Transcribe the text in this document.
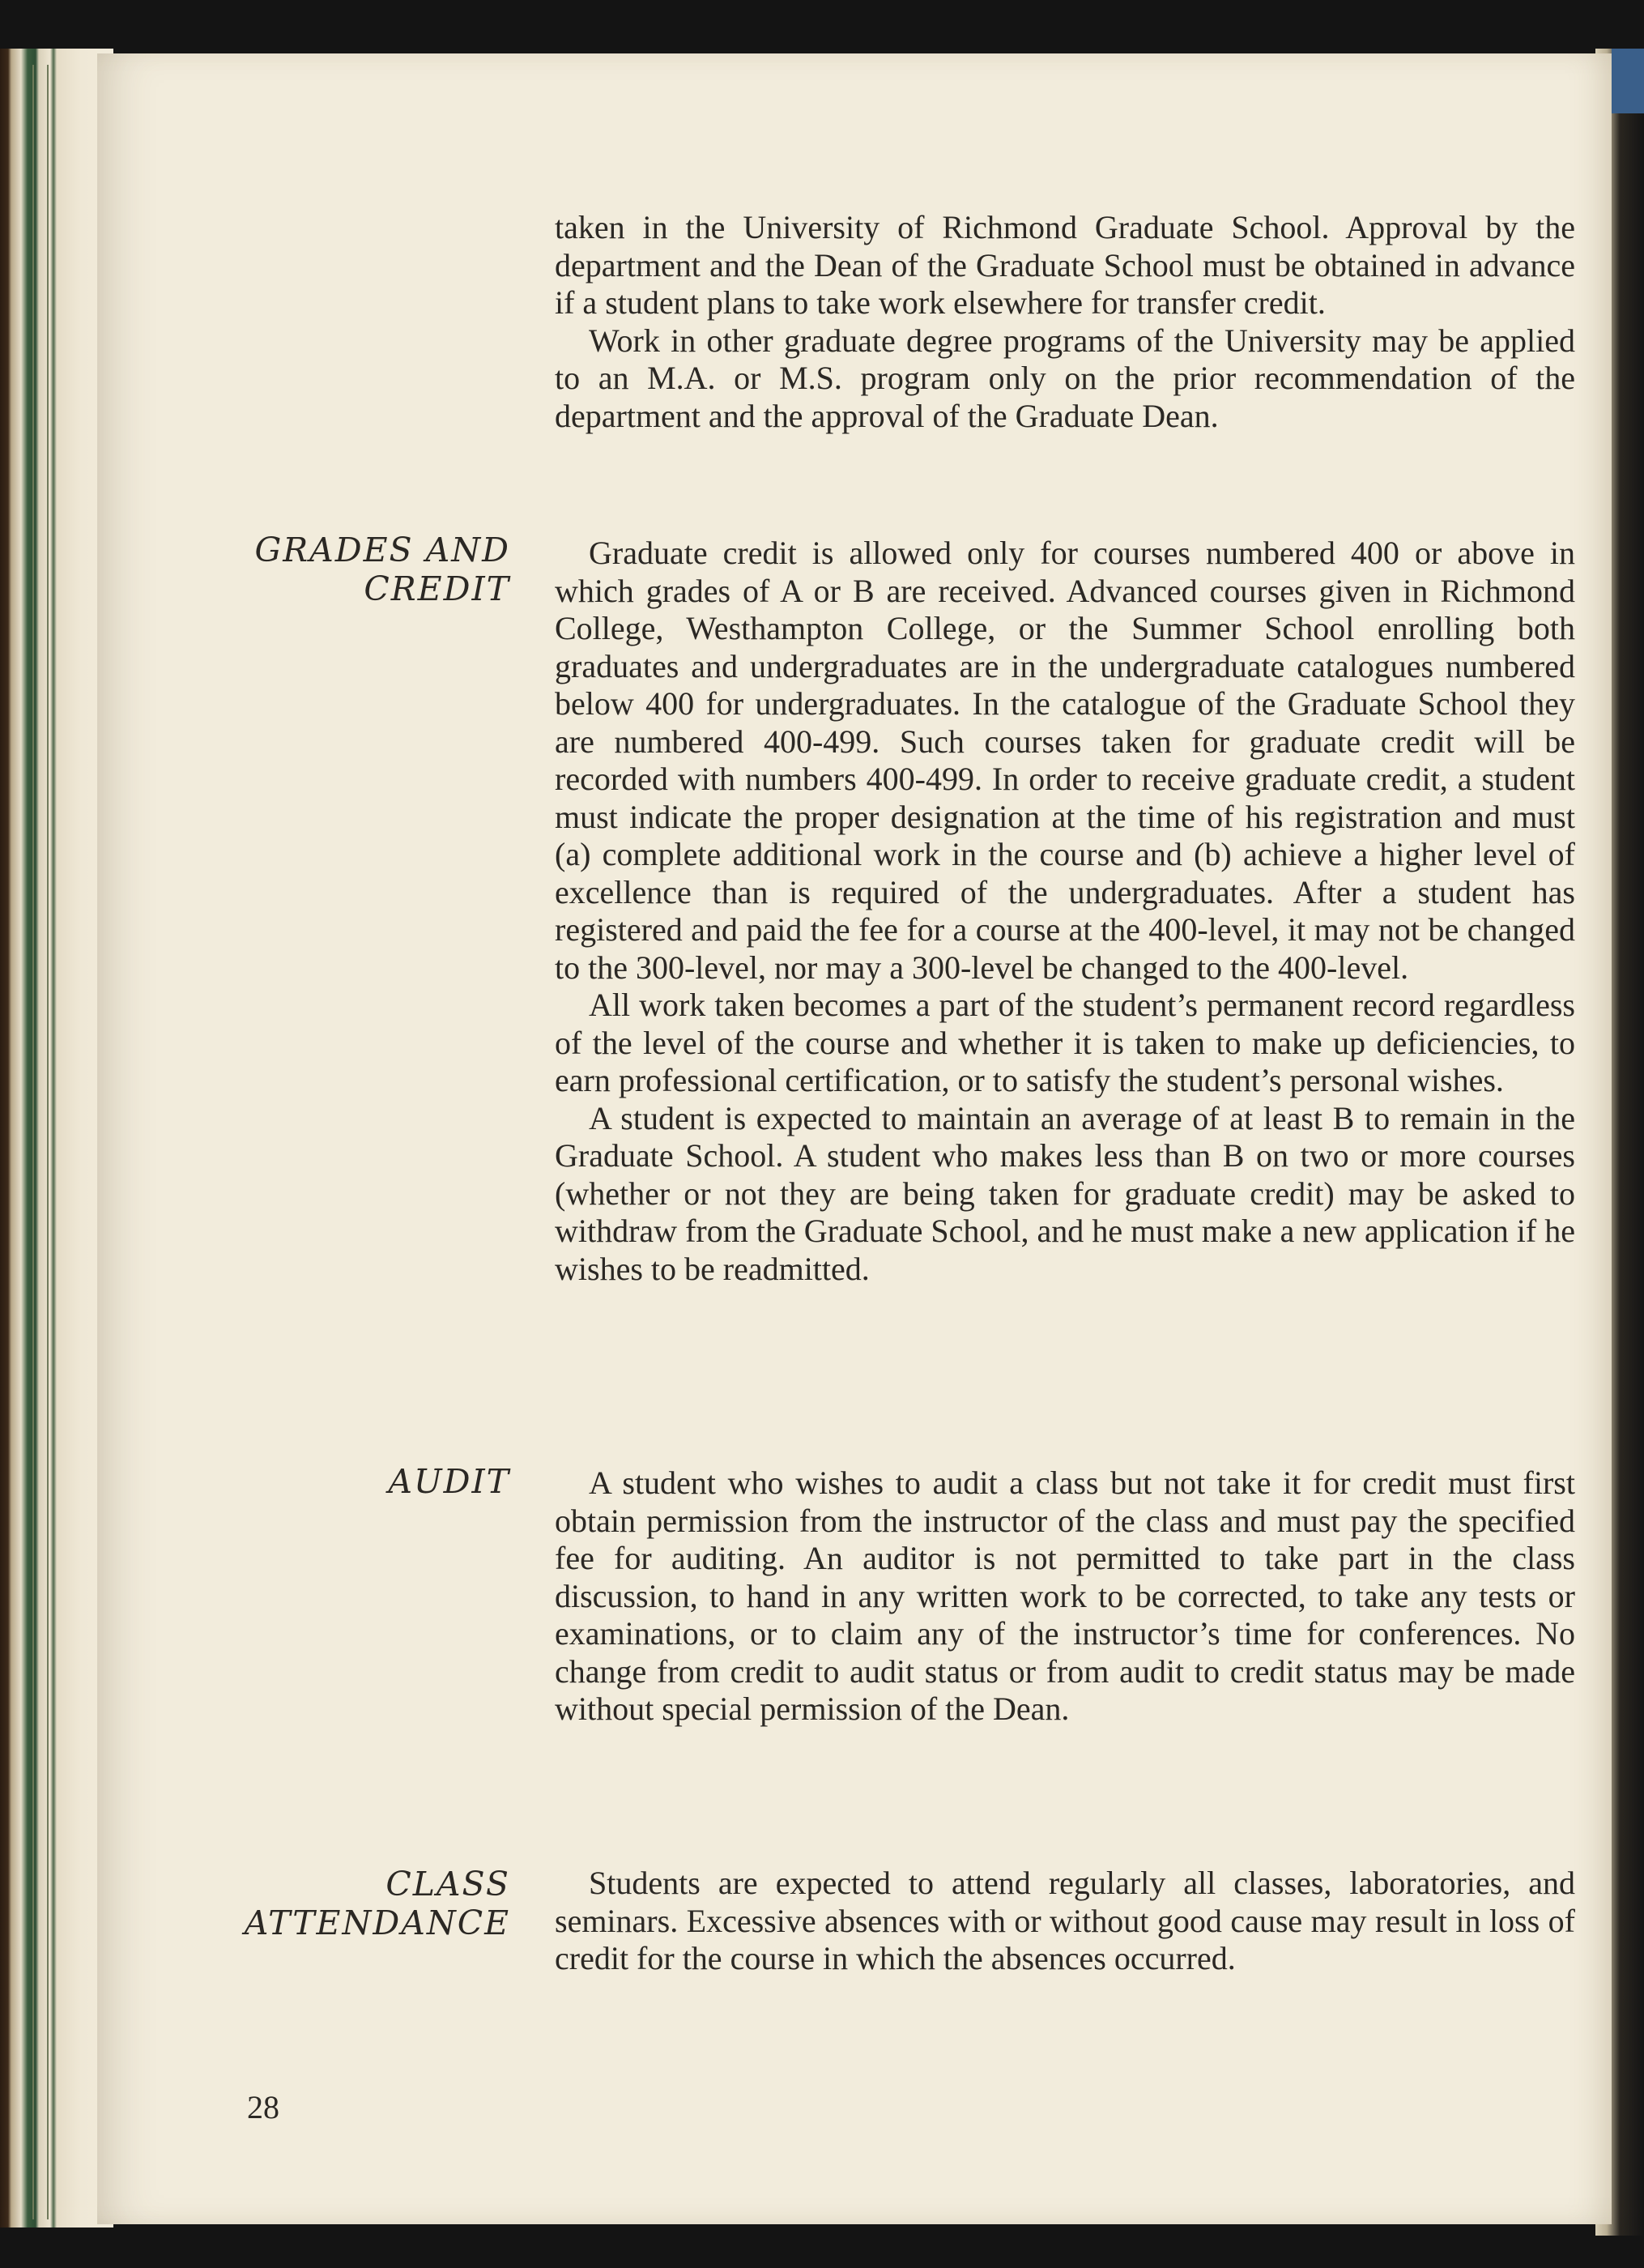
taken in the University of Richmond Graduate School. Approval by the department and the Dean of the Graduate School must be obtained in advance if a student plans to take work elsewhere for transfer credit.

Work in other graduate degree programs of the University may be applied to an M.A. or M.S. program only on the prior recommendation of the department and the approval of the Graduate Dean.

GRADES AND
CREDIT

Graduate credit is allowed only for courses numbered 400 or above in which grades of A or B are received. Advanced courses given in Richmond College, Westhampton College, or the Summer School enrolling both graduates and undergraduates are in the undergraduate catalogues numbered below 400 for undergraduates. In the catalogue of the Graduate School they are numbered 400-499. Such courses taken for graduate credit will be recorded with numbers 400-499. In order to receive graduate credit, a student must indicate the proper designation at the time of his registration and must (a) complete additional work in the course and (b) achieve a higher level of excellence than is required of the undergraduates. After a student has registered and paid the fee for a course at the 400-level, it may not be changed to the 300-level, nor may a 300-level be changed to the 400-level.

All work taken becomes a part of the student’s permanent record regardless of the level of the course and whether it is taken to make up deficiencies, to earn professional certification, or to satisfy the student’s personal wishes.

A student is expected to maintain an average of at least B to remain in the Graduate School. A student who makes less than B on two or more courses (whether or not they are being taken for graduate credit) may be asked to withdraw from the Graduate School, and he must make a new application if he wishes to be readmitted.

AUDIT	A student who wishes to audit a class but not take it for credit must first obtain permission from the instructor of the class and must pay the specified fee for auditing. An auditor is not permitted to take part in the class discussion, to hand in any written work to be corrected, to take any tests or examinations, or to claim any of the instructor’s time for conferences. No change from credit to audit status or from audit to credit status may be made without special permission of the Dean.

CLASS
ATTENDANCE

Students are expected to attend regularly all classes, laboratories, and seminars. Excessive absences with or without good cause may result in loss of credit for the course in which the absences occurred.

28
